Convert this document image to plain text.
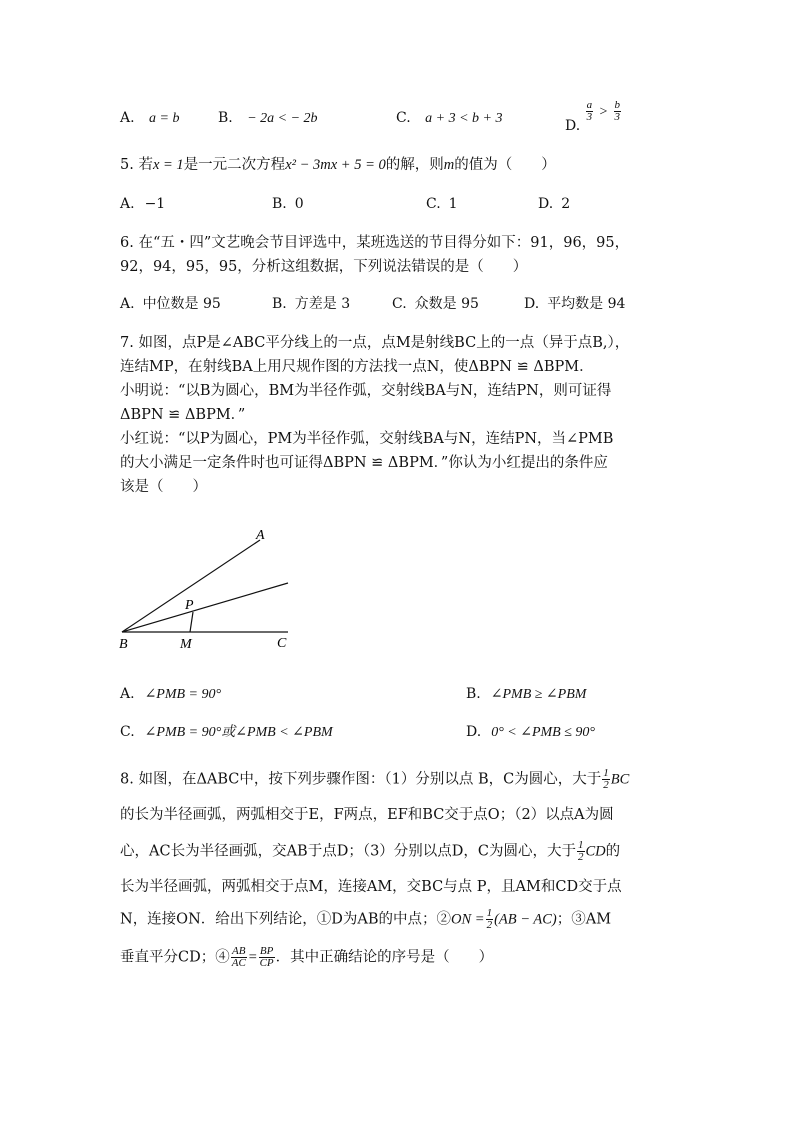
A. a = b	B. − 2a < − 2b	C. a + 3 < b + 3	D.
$\frac{a}{3} > \frac{b}{3}$
5. 若x = 1是一元二次方程x² − 3mx + 5 = 0的解，则m的值为（　　）
A. −1	B. 0	C. 1	D. 2
6. 在“五・四”文艺晚会节目评选中，某班选送的节目得分如下：91，96，95，
92，94，95，95，分析这组数据，下列说法错误的是（　　）
A. 中位数是 95	B. 方差是 3	C. 众数是 95	D. 平均数是 94
7. 如图，点P是∠ABC平分线上的一点，点M是射线BC上的一点（异于点B,），
连结MP，在射线BA上用尺规作图的方法找一点N，使ΔBPN ≌ ΔBPM．
小明说：“以B为圆心，BM为半径作弧，交射线BA与N，连结PN，则可证得
ΔBPN ≌ ΔBPM．”
小红说：“以P为圆心，PM为半径作弧，交射线BA与N，连结PN，当∠PMB
的大小满足一定条件时也可证得ΔBPN ≌ ΔBPM．”你认为小红提出的条件应
该是（　　）
A
P
B	M	C
A. ∠PMB = 90°	B. ∠PMB ≥ ∠PBM
C. ∠PMB = 90°或∠PMB < ∠PBM	D. 0° < ∠PMB ≤ 90°
8. 如图，在ΔABC中，按下列步骤作图：（1）分别以点 B，C为圆心，大于 $\frac{1}{2}$ BC
的长为半径画弧，两弧相交于E，F两点，EF和BC交于点O；（2）以点A为圆
心，AC长为半径画弧，交AB于点D；（3）分别以点D，C为圆心，大于 $\frac{1}{2}$ CD的
长为半径画弧，两弧相交于点M，连接AM，交BC与点 P，且AM和CD交于点
N，连接ON．给出下列结论，①D为AB的中点；②ON = $\frac{1}{2} (AB - AC)$；③AM
垂直平分CD；④ $\frac{AB}{AC} = \frac{BP}{CP}$ ．其中正确结论的序号是（　　）
